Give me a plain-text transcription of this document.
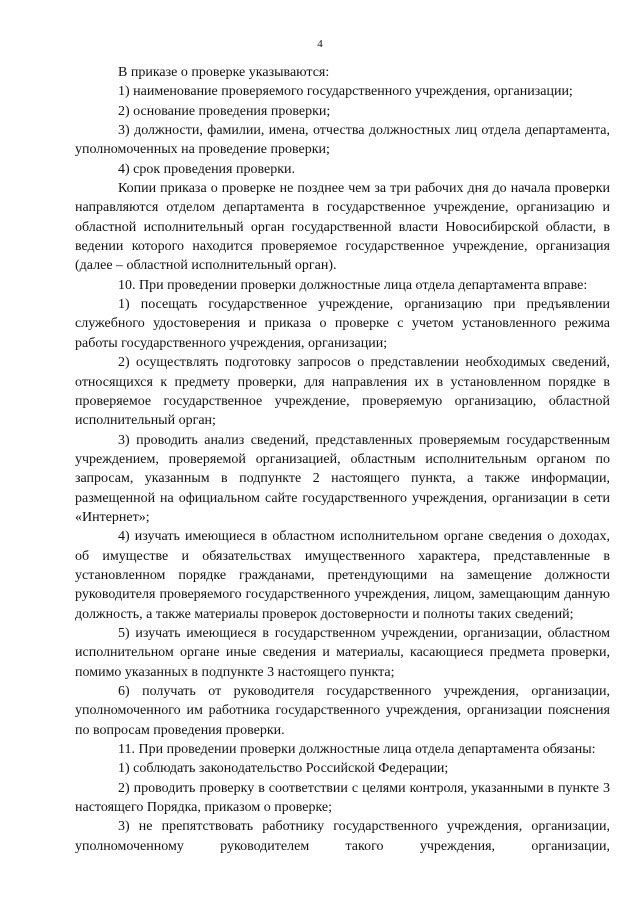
4

В приказе о проверке указываются:

1) наименование проверяемого государственного учреждения, организации;

2) основание проведения проверки;

3) должности, фамилии, имена, отчества должностных лиц отдела департамента, уполномоченных на проведение проверки;

4) срок проведения проверки.

Копии приказа о проверке не позднее чем за три рабочих дня до начала проверки направляются отделом департамента в государственное учреждение, организацию и областной исполнительный орган государственной власти Новосибирской области, в ведении которого находится проверяемое государственное учреждение, организация (далее – областной исполнительный орган).

10. При проведении проверки должностные лица отдела департамента вправе:

1) посещать государственное учреждение, организацию при предъявлении служебного удостоверения и приказа о проверке с учетом установленного режима работы государственного учреждения, организации;

2) осуществлять подготовку запросов о представлении необходимых сведений, относящихся к предмету проверки, для направления их в установленном порядке в проверяемое государственное учреждение, проверяемую организацию, областной исполнительный орган;

3) проводить анализ сведений, представленных проверяемым государственным учреждением, проверяемой организацией, областным исполнительным органом по запросам, указанным в подпункте 2 настоящего пункта, а также информации, размещенной на официальном сайте государственного учреждения, организации в сети «Интернет»;

4) изучать имеющиеся в областном исполнительном органе сведения о доходах, об имуществе и обязательствах имущественного характера, представленные в установленном порядке гражданами, претендующими на замещение должности руководителя проверяемого государственного учреждения, лицом, замещающим данную должность, а также материалы проверок достоверности и полноты таких сведений;

5) изучать имеющиеся в государственном учреждении, организации, областном исполнительном органе иные сведения и материалы, касающиеся предмета проверки, помимо указанных в подпункте 3 настоящего пункта;

6) получать от руководителя государственного учреждения, организации, уполномоченного им работника государственного учреждения, организации пояснения по вопросам проведения проверки.

11. При проведении проверки должностные лица отдела департамента обязаны:

1) соблюдать законодательство Российской Федерации;

2) проводить проверку в соответствии с целями контроля, указанными в пункте 3 настоящего Порядка, приказом о проверке;

3) не препятствовать работнику государственного учреждения, организации, уполномоченному руководителем такого учреждения, организации,
